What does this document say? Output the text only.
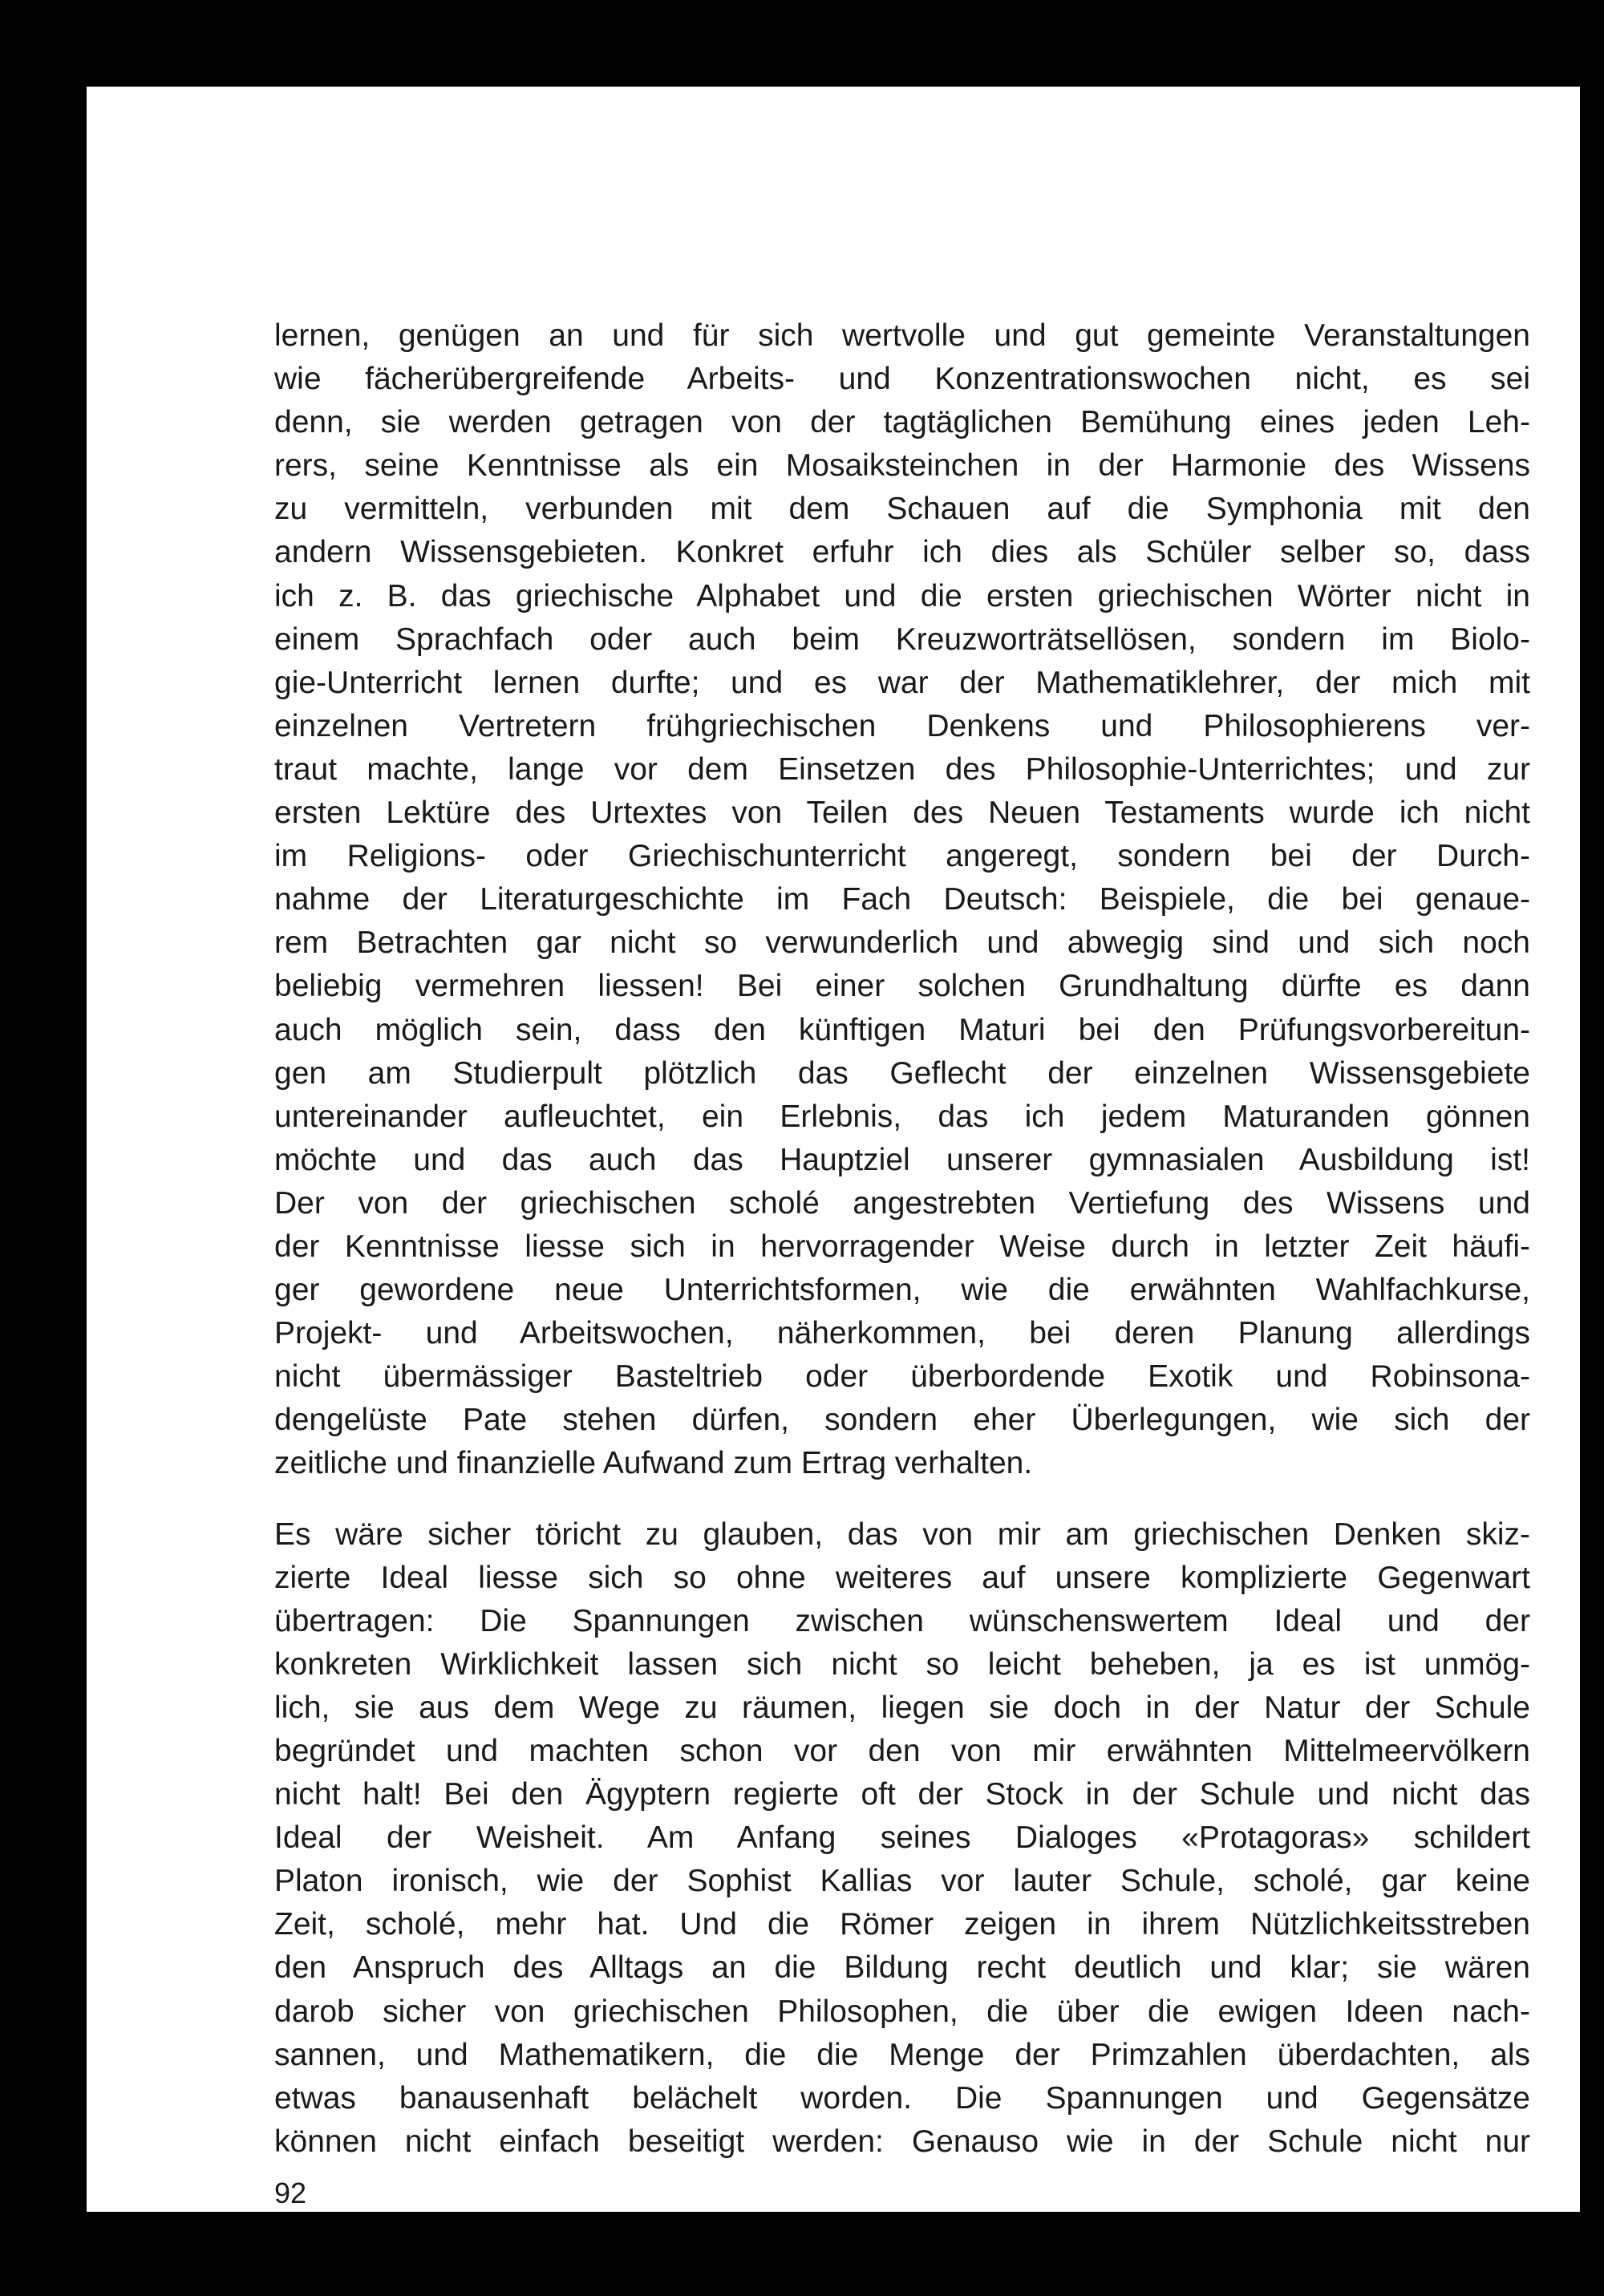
lernen, genügen an und für sich wertvolle und gut gemeinte Veranstaltungen
wie fächerübergreifende Arbeits- und Konzentrationswochen nicht, es sei
denn, sie werden getragen von der tagtäglichen Bemühung eines jeden Leh-
rers, seine Kenntnisse als ein Mosaiksteinchen in der Harmonie des Wissens
zu vermitteln, verbunden mit dem Schauen auf die Symphonia mit den
andern Wissensgebieten. Konkret erfuhr ich dies als Schüler selber so, dass
ich z. B. das griechische Alphabet und die ersten griechischen Wörter nicht in
einem Sprachfach oder auch beim Kreuzworträtsellösen, sondern im Biolo-
gie-Unterricht lernen durfte; und es war der Mathematiklehrer, der mich mit
einzelnen Vertretern frühgriechischen Denkens und Philosophierens ver-
traut machte, lange vor dem Einsetzen des Philosophie-Unterrichtes; und zur
ersten Lektüre des Urtextes von Teilen des Neuen Testaments wurde ich nicht
im Religions- oder Griechischunterricht angeregt, sondern bei der Durch-
nahme der Literaturgeschichte im Fach Deutsch: Beispiele, die bei genaue-
rem Betrachten gar nicht so verwunderlich und abwegig sind und sich noch
beliebig vermehren liessen! Bei einer solchen Grundhaltung dürfte es dann
auch möglich sein, dass den künftigen Maturi bei den Prüfungsvorbereitun-
gen am Studierpult plötzlich das Geflecht der einzelnen Wissensgebiete
untereinander aufleuchtet, ein Erlebnis, das ich jedem Maturanden gönnen
möchte und das auch das Hauptziel unserer gymnasialen Ausbildung ist!
Der von der griechischen scholé angestrebten Vertiefung des Wissens und
der Kenntnisse liesse sich in hervorragender Weise durch in letzter Zeit häufi-
ger gewordene neue Unterrichtsformen, wie die erwähnten Wahlfachkurse,
Projekt- und Arbeitswochen, näherkommen, bei deren Planung allerdings
nicht übermässiger Basteltrieb oder überbordende Exotik und Robinsona-
dengelüste Pate stehen dürfen, sondern eher Überlegungen, wie sich der
zeitliche und finanzielle Aufwand zum Ertrag verhalten.
Es wäre sicher töricht zu glauben, das von mir am griechischen Denken skiz-
zierte Ideal liesse sich so ohne weiteres auf unsere komplizierte Gegenwart
übertragen: Die Spannungen zwischen wünschenswertem Ideal und der
konkreten Wirklichkeit lassen sich nicht so leicht beheben, ja es ist unmög-
lich, sie aus dem Wege zu räumen, liegen sie doch in der Natur der Schule
begründet und machten schon vor den von mir erwähnten Mittelmeervölkern
nicht halt! Bei den Ägyptern regierte oft der Stock in der Schule und nicht das
Ideal der Weisheit. Am Anfang seines Dialoges «Protagoras» schildert
Platon ironisch, wie der Sophist Kallias vor lauter Schule, scholé, gar keine
Zeit, scholé, mehr hat. Und die Römer zeigen in ihrem Nützlichkeitsstreben
den Anspruch des Alltags an die Bildung recht deutlich und klar; sie wären
darob sicher von griechischen Philosophen, die über die ewigen Ideen nach-
sannen, und Mathematikern, die die Menge der Primzahlen überdachten, als
etwas banausenhaft belächelt worden. Die Spannungen und Gegensätze
können nicht einfach beseitigt werden: Genauso wie in der Schule nicht nur
92
